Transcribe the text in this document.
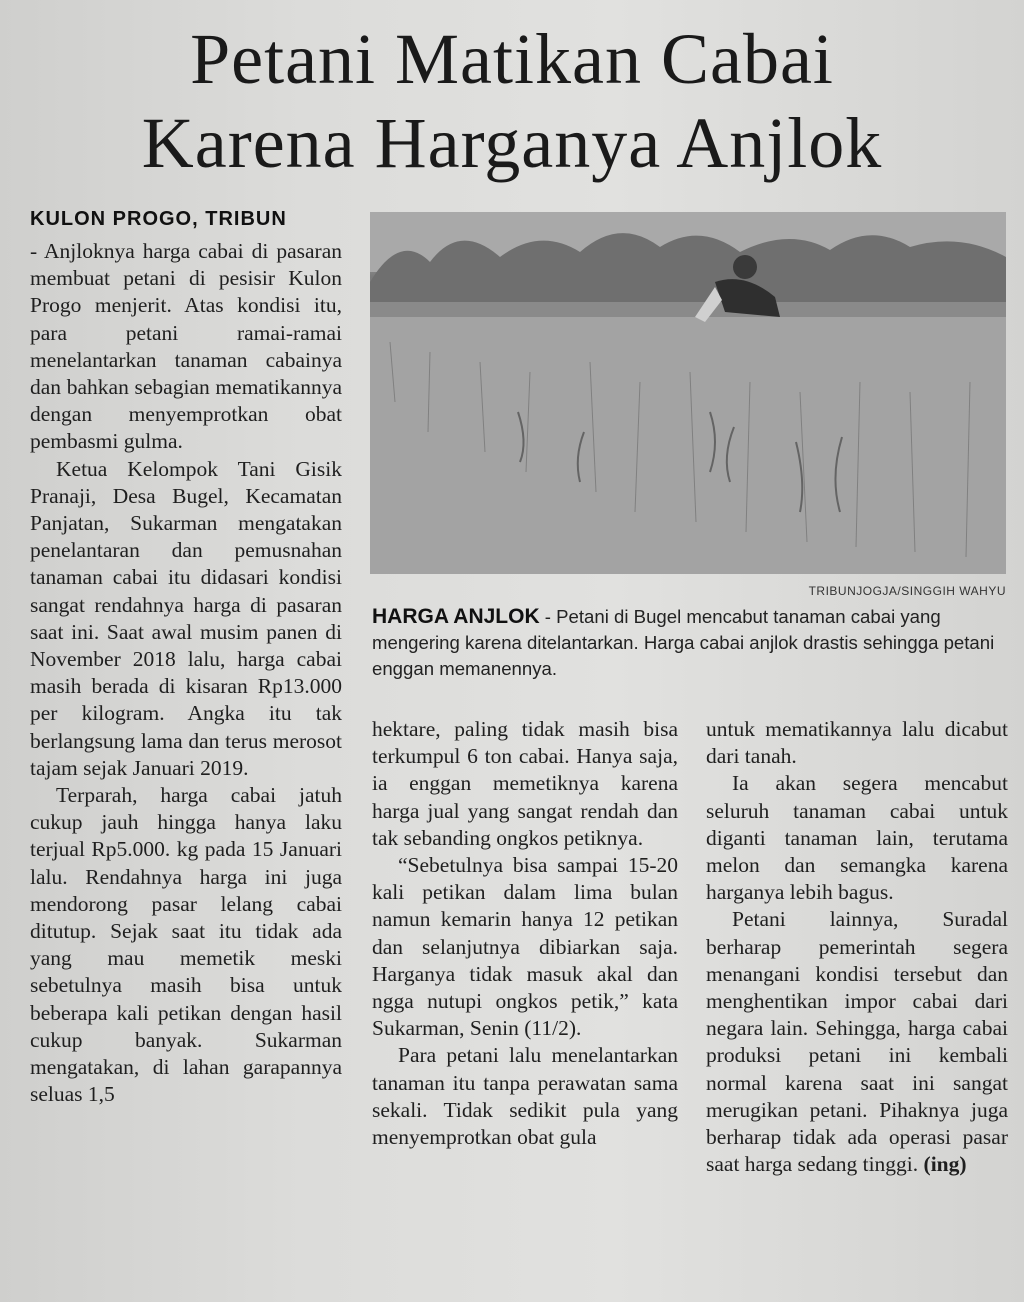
Petani Matikan Cabai
Karena Harganya Anjlok
KULON PROGO, TRIBUN

- Anjloknya harga cabai di pasaran membuat petani di pesisir Kulon Progo menjerit. Atas kondisi itu, para petani ramai-ramai menelantarkan tanaman cabainya dan bahkan sebagian mematikannya dengan menyemprotkan obat pembasmi gulma.

Ketua Kelompok Tani Gisik Pranaji, Desa Bugel, Kecamatan Panjatan, Sukarman mengatakan penelantaran dan pemusnahan tanaman cabai itu didasari kondisi sangat rendahnya harga di pasaran saat ini. Saat awal musim panen di November 2018 lalu, harga cabai masih berada di kisaran Rp13.000 per kilogram. Angka itu tak berlangsung lama dan terus merosot tajam sejak Januari 2019.

Terparah, harga cabai jatuh cukup jauh hingga hanya laku terjual Rp5.000. kg pada 15 Januari lalu. Rendahnya harga ini juga mendorong pasar lelang cabai ditutup. Sejak saat itu tidak ada yang mau memetik meski sebetulnya masih bisa untuk beberapa kali petikan dengan hasil cukup banyak. Sukarman mengatakan, di lahan garapannya seluas 1,5

TRIBUNJOGJA/SINGGIH WAHYU
HARGA ANJLOK - Petani di Bugel mencabut tanaman cabai yang mengering karena ditelantarkan. Harga cabai anjlok drastis sehingga petani enggan memanennya.

hektare, paling tidak masih bisa terkumpul 6 ton cabai. Hanya saja, ia enggan memetiknya karena harga jual yang sangat rendah dan tak sebanding ongkos petiknya.

“Sebetulnya bisa sampai 15-20 kali petikan dalam lima bulan namun kemarin hanya 12 petikan dan selanjutnya dibiarkan saja. Harganya tidak masuk akal dan ngga nutupi ongkos petik,” kata Sukarman, Senin (11/2).

Para petani lalu menelantarkan tanaman itu tanpa perawatan sama sekali. Tidak sedikit pula yang menyemprotkan obat gula

untuk mematikannya lalu dicabut dari tanah.

Ia akan segera mencabut seluruh tanaman cabai untuk diganti tanaman lain, terutama melon dan semangka karena harganya lebih bagus.

Petani lainnya, Suradal berharap pemerintah segera menangani kondisi tersebut dan menghentikan impor cabai dari negara lain. Sehingga, harga cabai produksi petani ini kembali normal karena saat ini sangat merugikan petani. Pihaknya juga berharap tidak ada operasi pasar saat harga sedang tinggi. (ing)
